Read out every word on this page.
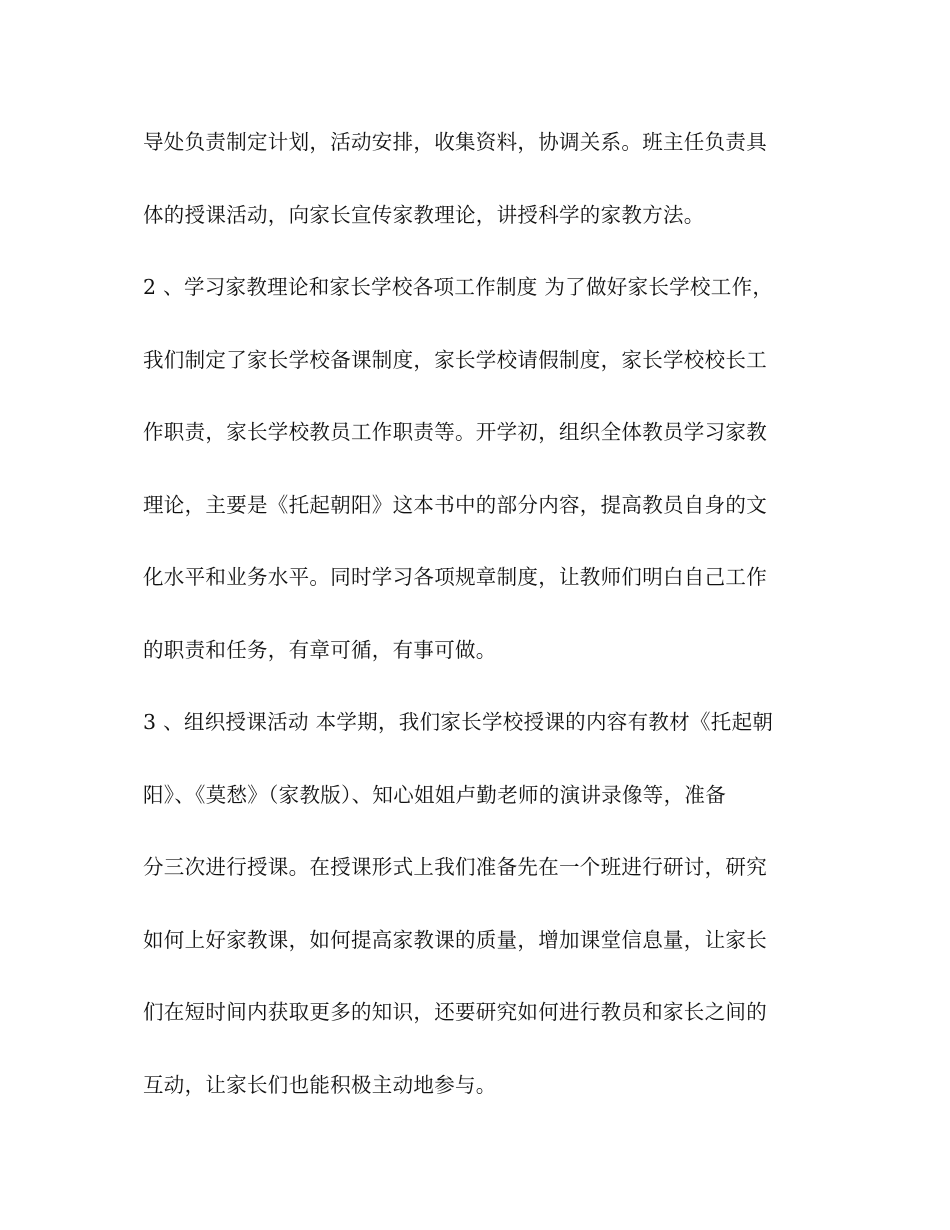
导处负责制定计划，活动安排，收集资料，协调关系。班主任负责具
体的授课活动，向家长宣传家教理论，讲授科学的家教方法。
2 、学习家教理论和家长学校各项工作制度 为了做好家长学校工作，
我们制定了家长学校备课制度，家长学校请假制度，家长学校校长工
作职责，家长学校教员工作职责等。开学初，组织全体教员学习家教
理论，主要是《托起朝阳》这本书中的部分内容，提高教员自身的文
化水平和业务水平。同时学习各项规章制度，让教师们明白自己工作
的职责和任务，有章可循，有事可做。
3 、组织授课活动 本学期，我们家长学校授课的内容有教材《托起朝
阳》、《莫愁》（家教版）、知心姐姐卢勤老师的演讲录像等，准备
分三次进行授课。在授课形式上我们准备先在一个班进行研讨，研究
如何上好家教课，如何提高家教课的质量，增加课堂信息量，让家长
们在短时间内获取更多的知识，还要研究如何进行教员和家长之间的
互动，让家长们也能积极主动地参与。
